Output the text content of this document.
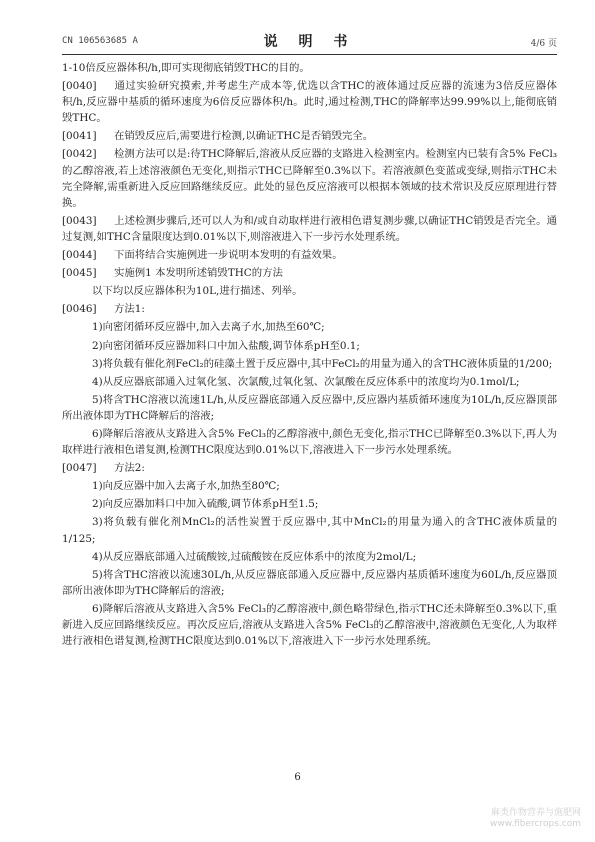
CN 106563685 A	说 明 书	4/6 页

1-10倍反应器体积/h,即可实现彻底销毁THC的目的。

[0040] 通过实验研究摸索,并考虑生产成本等,优选以含THC的液体通过反应器的流速为3倍反应器体积/h,反应器中基质的循环速度为6倍反应器体积/h。此时,通过检测,THC的降解率达99.99%以上,能彻底销毁THC。

[0041] 在销毁反应后,需要进行检测,以确证THC是否销毁完全。

[0042] 检测方法可以是:待THC降解后,溶液从反应器的支路进入检测室内。检测室内已装有含5% FeCl₃的乙醇溶液,若上述溶液颜色无变化,则指示THC已降解至0.3%以下。若溶液颜色变蓝或变绿,则指示THC未完全降解,需重新进入反应回路继续反应。此处的显色反应溶液可以根据本领域的技术常识及反应原理进行替换。

[0043] 上述检测步骤后,还可以人为和/或自动取样进行液相色谱复测步骤,以确证THC销毁是否完全。通过复测,如THC含量限度达到0.01%以下,则溶液进入下一步污水处理系统。

[0044] 下面将结合实施例进一步说明本发明的有益效果。

[0045] 实施例1 本发明所述销毁THC的方法

以下均以反应器体积为10L,进行描述、列举。

[0046] 方法1:

1)向密闭循环反应器中,加入去离子水,加热至60℃;

2)向密闭循环反应器加料口中加入盐酸,调节体系pH至0.1;

3)将负载有催化剂FeCl₂的硅藻土置于反应器中,其中FeCl₂的用量为通入的含THC液体质量的1/200;

4)从反应器底部通入过氧化氢、次氯酸,过氧化氢、次氯酸在反应体系中的浓度均为0.1mol/L;

5)将含THC溶液以流速1L/h,从反应器底部通入反应器中,反应器内基质循环速度为10L/h,反应器顶部所出液体即为THC降解后的溶液;

6)降解后溶液从支路进入含5% FeCl₃的乙醇溶液中,颜色无变化,指示THC已降解至0.3%以下,再人为取样进行液相色谱复测,检测THC限度达到0.01%以下,溶液进入下一步污水处理系统。

[0047] 方法2:

1)向反应器中加入去离子水,加热至80℃;

2)向反应器加料口中加入硫酸,调节体系pH至1.5;

3)将负载有催化剂MnCl₂的活性炭置于反应器中,其中MnCl₂的用量为通入的含THC液体质量的1/125;

4)从反应器底部通入过硫酸铵,过硫酸铵在反应体系中的浓度为2mol/L;

5)将含THC溶液以流速30L/h,从反应器底部通入反应器中,反应器内基质循环速度为60L/h,反应器顶部所出液体即为THC降解后的溶液;

6)降解后溶液从支路进入含5% FeCl₃的乙醇溶液中,颜色略带绿色,指示THC还未降解至0.3%以下,重新进入反应回路继续反应。再次反应后,溶液从支路进入含5% FeCl₃的乙醇溶液中,溶液颜色无变化,人为取样进行液相色谱复测,检测THC限度达到0.01%以下,溶液进入下一步污水处理系统。

6
麻类作物营养与施肥网
www.fibercrops.com
